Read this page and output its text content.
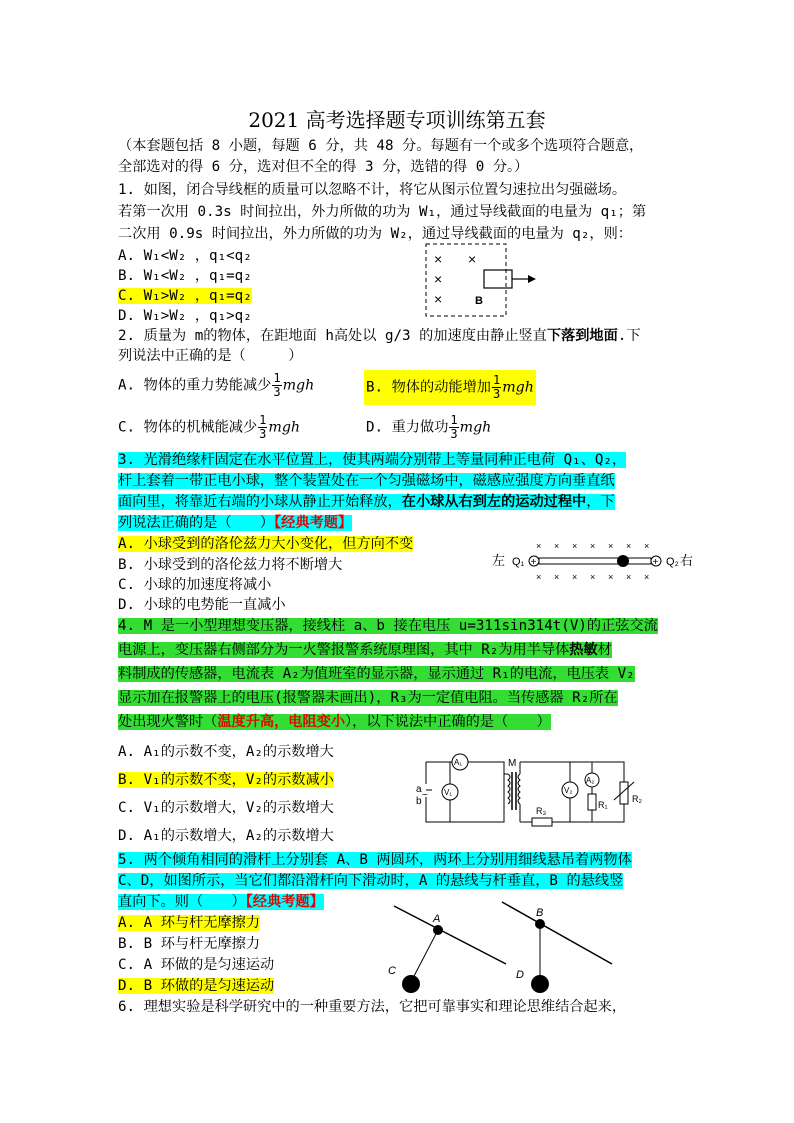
2021 高考选择题专项训练第五套
（本套题包括 8 小题，每题 6 分，共 48 分。每题有一个或多个选项符合题意，
全部选对的得 6 分，选对但不全的得 3 分，选错的得 0 分。）
1. 如图，闭合导线框的质量可以忽略不计，将它从图示位置匀速拉出匀强磁场。
若第一次用 0.3s 时间拉出，外力所做的功为 W₁，通过导线截面的电量为 q₁；第
二次用 0.9s 时间拉出，外力所做的功为 W₂，通过导线截面的电量为 q₂，则：
A. W₁<W₂ ，q₁<q₂
B. W₁<W₂ ，q₁=q₂
C. W₁>W₂ ，q₁=q₂
D. W₁>W₂ ，q₁>q₂
× ×
×
×	B
2. 质量为 m的物体，在距地面 h高处以 g/3 的加速度由静止竖直下落到地面.下
列说法中正确的是（　　　）
A. 物体的重力势能减少 $\frac{1}{3}$ mgh	B. 物体的动能增加 $\frac{1}{3}$ mgh
C. 物体的机械能减少 $\frac{1}{3}$ mgh	D. 重力做功 $\frac{1}{3}$ mgh
3. 光滑绝缘杆固定在水平位置上，使其两端分别带上等量同种正电荷 Q₁、Q₂，
杆上套着一带正电小球，整个装置处在一个匀强磁场中，磁感应强度方向垂直纸
面向里，将靠近右端的小球从静止开始释放，在小球从右到左的运动过程中，下
列说法正确的是（　　）【经典考题】
A. 小球受到的洛伦兹力大小变化，但方向不变
B. 小球受到的洛伦兹力将不断增大
C. 小球的加速度将减小
D. 小球的电势能一直减小
左	右
Q₁	Q₂
× × × × × × ×
× × × × × × ×
+	+
4. M 是一小型理想变压器，接线柱 a、b 接在电压 u=311sin314t(V)的正弦交流
电源上，变压器右侧部分为一火警报警系统原理图，其中 R₂为用半导体热敏材
料制成的传感器，电流表 A₂为值班室的显示器，显示通过 R₁的电流，电压表 V₂
显示加在报警器上的电压(报警器未画出)，R₃为一定值电阻。当传感器 R₂所在
处出现火警时（温度升高，电阻变小），以下说法中正确的是（　　）
A. A₁的示数不变，A₂的示数增大
B. V₁的示数不变，V₂的示数减小
C. V₁的示数增大，V₂的示数增大
D. A₁的示数增大，A₂的示数增大
a
b
~
M
A₁
V₁	V₂
A₂
R₁
R₂
R₃
5. 两个倾角相同的滑杆上分别套 A、B 两圆环，两环上分别用细线悬吊着两物体
C、D，如图所示，当它们都沿滑杆向下滑动时，A 的悬线与杆垂直，B 的悬线竖
直向下。则（　　）【经典考题】
A. A 环与杆无摩擦力
B. B 环与杆无摩擦力
C. A 环做的是匀速运动
D. B 环做的是匀速运动
A
C
B
D
6. 理想实验是科学研究中的一种重要方法，它把可靠事实和理论思维结合起来，
